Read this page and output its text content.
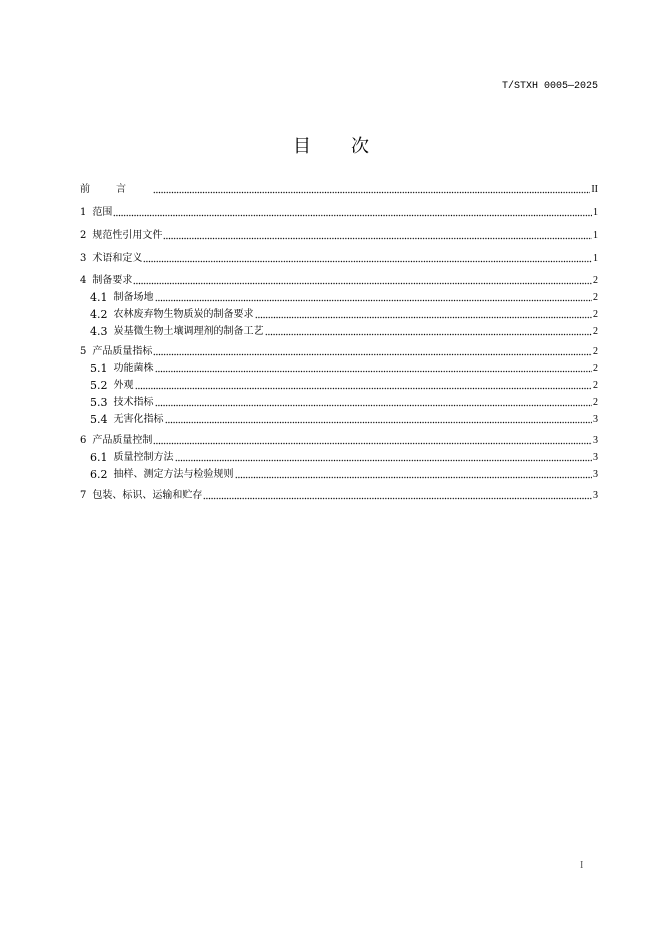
T/STXH 0005—2025
目 次
前言	II
1 范围	1
2 规范性引用文件	1
3 术语和定义	1
4 制备要求	2
4.1 制备场地	2
4.2 农林废弃物生物质炭的制备要求	2
4.3 炭基微生物土壤调理剂的制备工艺	2
5 产品质量指标	2
5.1 功能菌株	2
5.2 外观	2
5.3 技术指标	2
5.4 无害化指标	3
6 产品质量控制	3
6.1 质量控制方法	3
6.2 抽样、测定方法与检验规则	3
7 包装、标识、运输和贮存	3
I
